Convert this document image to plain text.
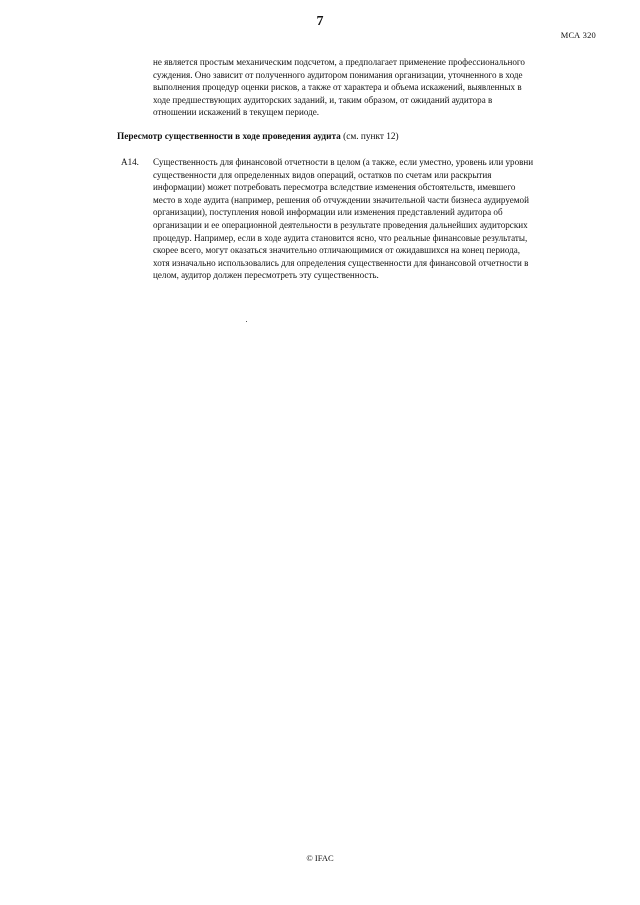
7
МСА 320
не является простым механическим подсчетом, а предполагает применение профессионального
суждения. Оно зависит от полученного аудитором понимания организации, уточненного в ходе
выполнения процедур оценки рисков, а также от характера и объема искажений, выявленных в
ходе предшествующих аудиторских заданий, и, таким образом, от ожиданий аудитора в
отношении искажений в текущем периоде.
Пересмотр существенности в ходе проведения аудита (см. пункт 12)
A14. Существенность для финансовой отчетности в целом (а также, если уместно, уровень или уровни
существенности для определенных видов операций, остатков по счетам или раскрытия
информации) может потребовать пересмотра вследствие изменения обстоятельств, имевшего
место в ходе аудита (например, решения об отчуждении значительной части бизнеса аудируемой
организации), поступления новой информации или изменения представлений аудитора об
организации и ее операционной деятельности в результате проведения дальнейших аудиторских
процедур. Например, если в ходе аудита становится ясно, что реальные финансовые результаты,
скорее всего, могут оказаться значительно отличающимися от ожидавшихся на конец периода,
хотя изначально использовались для определения существенности для финансовой отчетности в
целом, аудитор должен пересмотреть эту существенность.
© IFAC
